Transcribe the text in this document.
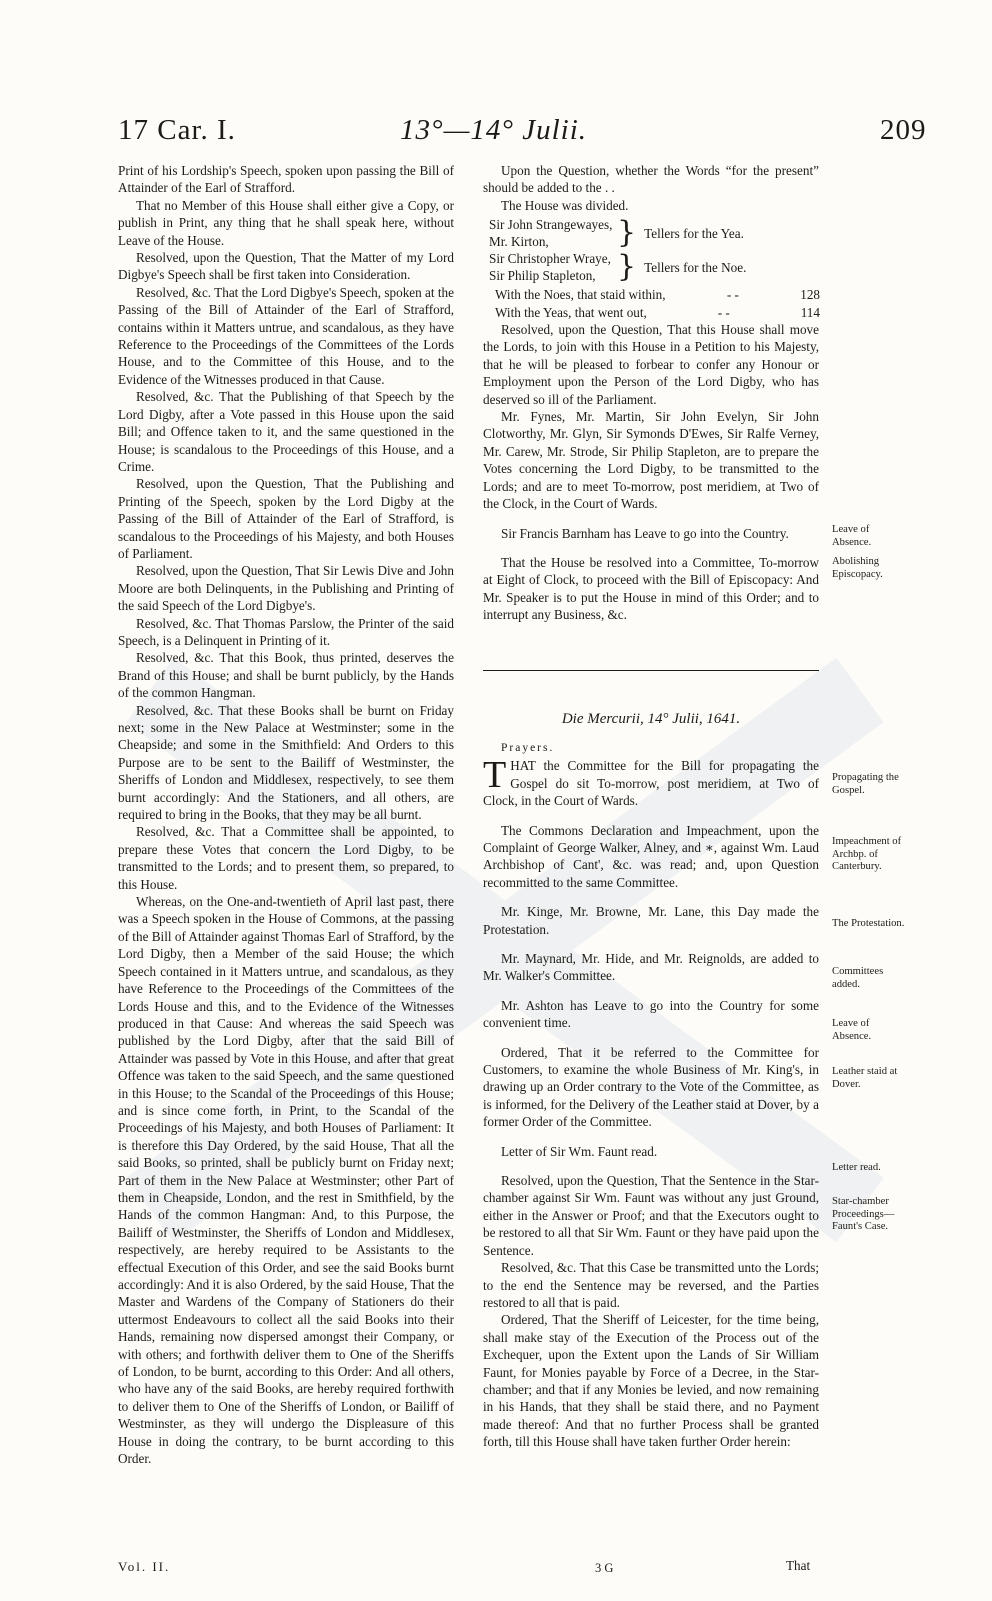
17 Car. I.	13°—14° Julii.	209

Print of his Lordship's Speech, spoken upon passing the Bill of Attainder of the Earl of Strafford.

That no Member of this House shall either give a Copy, or publish in Print, any thing that he shall speak here, without Leave of the House.

Resolved, upon the Question, That the Matter of my Lord Digbye's Speech shall be first taken into Consideration.

Resolved, &c. That the Lord Digbye's Speech, spoken at the Passing of the Bill of Attainder of the Earl of Strafford, contains within it Matters untrue, and scandalous, as they have Reference to the Proceedings of the Committees of the Lords House, and to the Committee of this House, and to the Evidence of the Witnesses produced in that Cause.

Resolved, &c. That the Publishing of that Speech by the Lord Digby, after a Vote passed in this House upon the said Bill; and Offence taken to it, and the same questioned in the House; is scandalous to the Proceedings of this House, and a Crime.

Resolved, upon the Question, That the Publishing and Printing of the Speech, spoken by the Lord Digby at the Passing of the Bill of Attainder of the Earl of Strafford, is scandalous to the Proceedings of his Majesty, and both Houses of Parliament.

Resolved, upon the Question, That Sir Lewis Dive and John Moore are both Delinquents, in the Publishing and Printing of the said Speech of the Lord Digbye's.

Resolved, &c. That Thomas Parslow, the Printer of the said Speech, is a Delinquent in Printing of it.

Resolved, &c. That this Book, thus printed, deserves the Brand of this House; and shall be burnt publicly, by the Hands of the common Hangman.

Resolved, &c. That these Books shall be burnt on Friday next; some in the New Palace at Westminster; some in the Cheapside; and some in the Smithfield: And Orders to this Purpose are to be sent to the Bailiff of Westminster, the Sheriffs of London and Middlesex, respectively, to see them burnt accordingly: And the Stationers, and all others, are required to bring in the Books, that they may be all burnt.

Resolved, &c. That a Committee shall be appointed, to prepare these Votes that concern the Lord Digby, to be transmitted to the Lords; and to present them, so prepared, to this House.

Whereas, on the One-and-twentieth of April last past, there was a Speech spoken in the House of Commons, at the passing of the Bill of Attainder against Thomas Earl of Strafford, by the Lord Digby, then a Member of the said House; the which Speech contained in it Matters untrue, and scandalous, as they have Reference to the Proceedings of the Committees of the Lords House and this, and to the Evidence of the Witnesses produced in that Cause: And whereas the said Speech was published by the Lord Digby, after that the said Bill of Attainder was passed by Vote in this House, and after that great Offence was taken to the said Speech, and the same questioned in this House; to the Scandal of the Proceedings of this House; and is since come forth, in Print, to the Scandal of the Proceedings of his Majesty, and both Houses of Parliament: It is therefore this Day Ordered, by the said House, That all the said Books, so printed, shall be publicly burnt on Friday next; Part of them in the New Palace at Westminster; other Part of them in Cheapside, London, and the rest in Smithfield, by the Hands of the common Hangman: And, to this Purpose, the Bailiff of Westminster, the Sheriffs of London and Middlesex, respectively, are hereby required to be Assistants to the effectual Execution of this Order, and see the said Books burnt accordingly: And it is also Ordered, by the said House, That the Master and Wardens of the Company of Stationers do their uttermost Endeavours to collect all the said Books into their Hands, remaining now dispersed amongst their Company, or with others; and forthwith deliver them to One of the Sheriffs of London, to be burnt, according to this Order: And all others, who have any of the said Books, are hereby required forthwith to deliver them to One of the Sheriffs of London, or Bailiff of Westminster, as they will undergo the Displeasure of this House in doing the contrary, to be burnt according to this Order.

Upon the Question, whether the Words “for the present” should be added to the . .

The House was divided.

Sir John Strangewayes,
Mr. Kirton,	} Tellers for the Yea.
Sir Christopher Wraye,
Sir Philip Stapleton, } Tellers for the Noe.
With the Noes, that staid within,	- -	128
With the Yeas, that went out,	- -	114

Resolved, upon the Question, That this House shall move the Lords, to join with this House in a Petition to his Majesty, that he will be pleased to forbear to confer any Honour or Employment upon the Person of the Lord Digby, who has deserved so ill of the Parliament.

Mr. Fynes, Mr. Martin, Sir John Evelyn, Sir John Clotworthy, Mr. Glyn, Sir Symonds D'Ewes, Sir Ralfe Verney, Mr. Carew, Mr. Strode, Sir Philip Stapleton, are to prepare the Votes concerning the Lord Digby, to be transmitted to the Lords; and are to meet To-morrow, post meridiem, at Two of the Clock, in the Court of Wards.

Sir Francis Barnham has Leave to go into the Country.

That the House be resolved into a Committee, To-morrow at Eight of Clock, to proceed with the Bill of Episcopacy: And Mr. Speaker is to put the House in mind of this Order; and to interrupt any Business, &c.

Die Mercurii, 14° Julii, 1641.

Prayers.

THAT the Committee for the Bill for propagating the Gospel do sit To-morrow, post meridiem, at Two of Clock, in the Court of Wards.

The Commons Declaration and Impeachment, upon the Complaint of George Walker, Alney, and ∗, against Wm. Laud Archbishop of Cant', &c. was read; and, upon Question recommitted to the same Committee.

Mr. Kinge, Mr. Browne, Mr. Lane, this Day made the Protestation.

Mr. Maynard, Mr. Hide, and Mr. Reignolds, are added to Mr. Walker's Committee.

Mr. Ashton has Leave to go into the Country for some convenient time.

Ordered, That it be referred to the Committee for Customers, to examine the whole Business of Mr. King's, in drawing up an Order contrary to the Vote of the Committee, as is informed, for the Delivery of the Leather staid at Dover, by a former Order of the Committee.

Letter of Sir Wm. Faunt read.

Resolved, upon the Question, That the Sentence in the Star-chamber against Sir Wm. Faunt was without any just Ground, either in the Answer or Proof; and that the Executors ought to be restored to all that Sir Wm. Faunt or they have paid upon the Sentence.

Resolved, &c. That this Case be transmitted unto the Lords; to the end the Sentence may be reversed, and the Parties restored to all that is paid.

Ordered, That the Sheriff of Leicester, for the time being, shall make stay of the Execution of the Process out of the Exchequer, upon the Extent upon the Lands of Sir William Faunt, for Monies payable by Force of a Decree, in the Star-chamber; and that if any Monies be levied, and now remaining in his Hands, that they shall be staid there, and no Payment made thereof: And that no further Process shall be granted forth, till this House shall have taken further Order herein:

Leave of Absence.
Abolishing Episcopacy.
Propagating the Gospel.
Impeachment of Archbp. of Canterbury.
The Protestation.
Committees added.
Leave of Absence.
Leather staid at Dover.
Letter read.
Star-chamber Proceedings—Faunt's Case.
Vol. II.	3 G	That
